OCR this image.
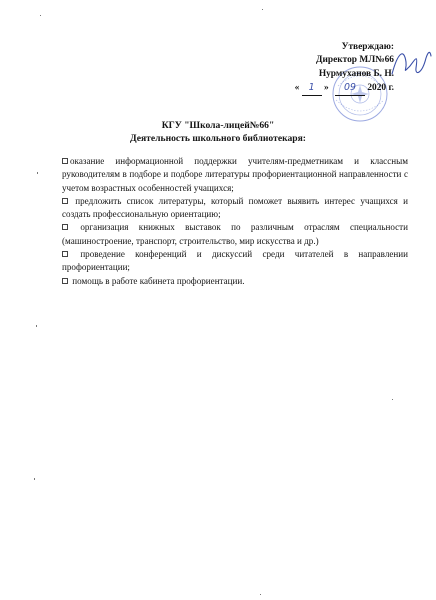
Утверждаю:
Директор МЛ№66
Нурмуханов Б. Н.
« 1 » 09 2020 г.
КГУ "Школа-лицей№66"
Деятельность школьного библиотекаря:

оказание информационной поддержки учителям-предметникам и классным руководителям в подборе и подборе литературы профориентационной направленности с учетом возрастных особенностей учащихся;

предложить список литературы, который поможет выявить интерес учащихся и создать профессиональную ориентацию;

организация книжных выставок по различным отраслям специальности (машиностроение, транспорт, строительство, мир искусства и др.)

проведение конференций и дискуссий среди читателей в направлении профориентации;

помощь в работе кабинета профориентации.
